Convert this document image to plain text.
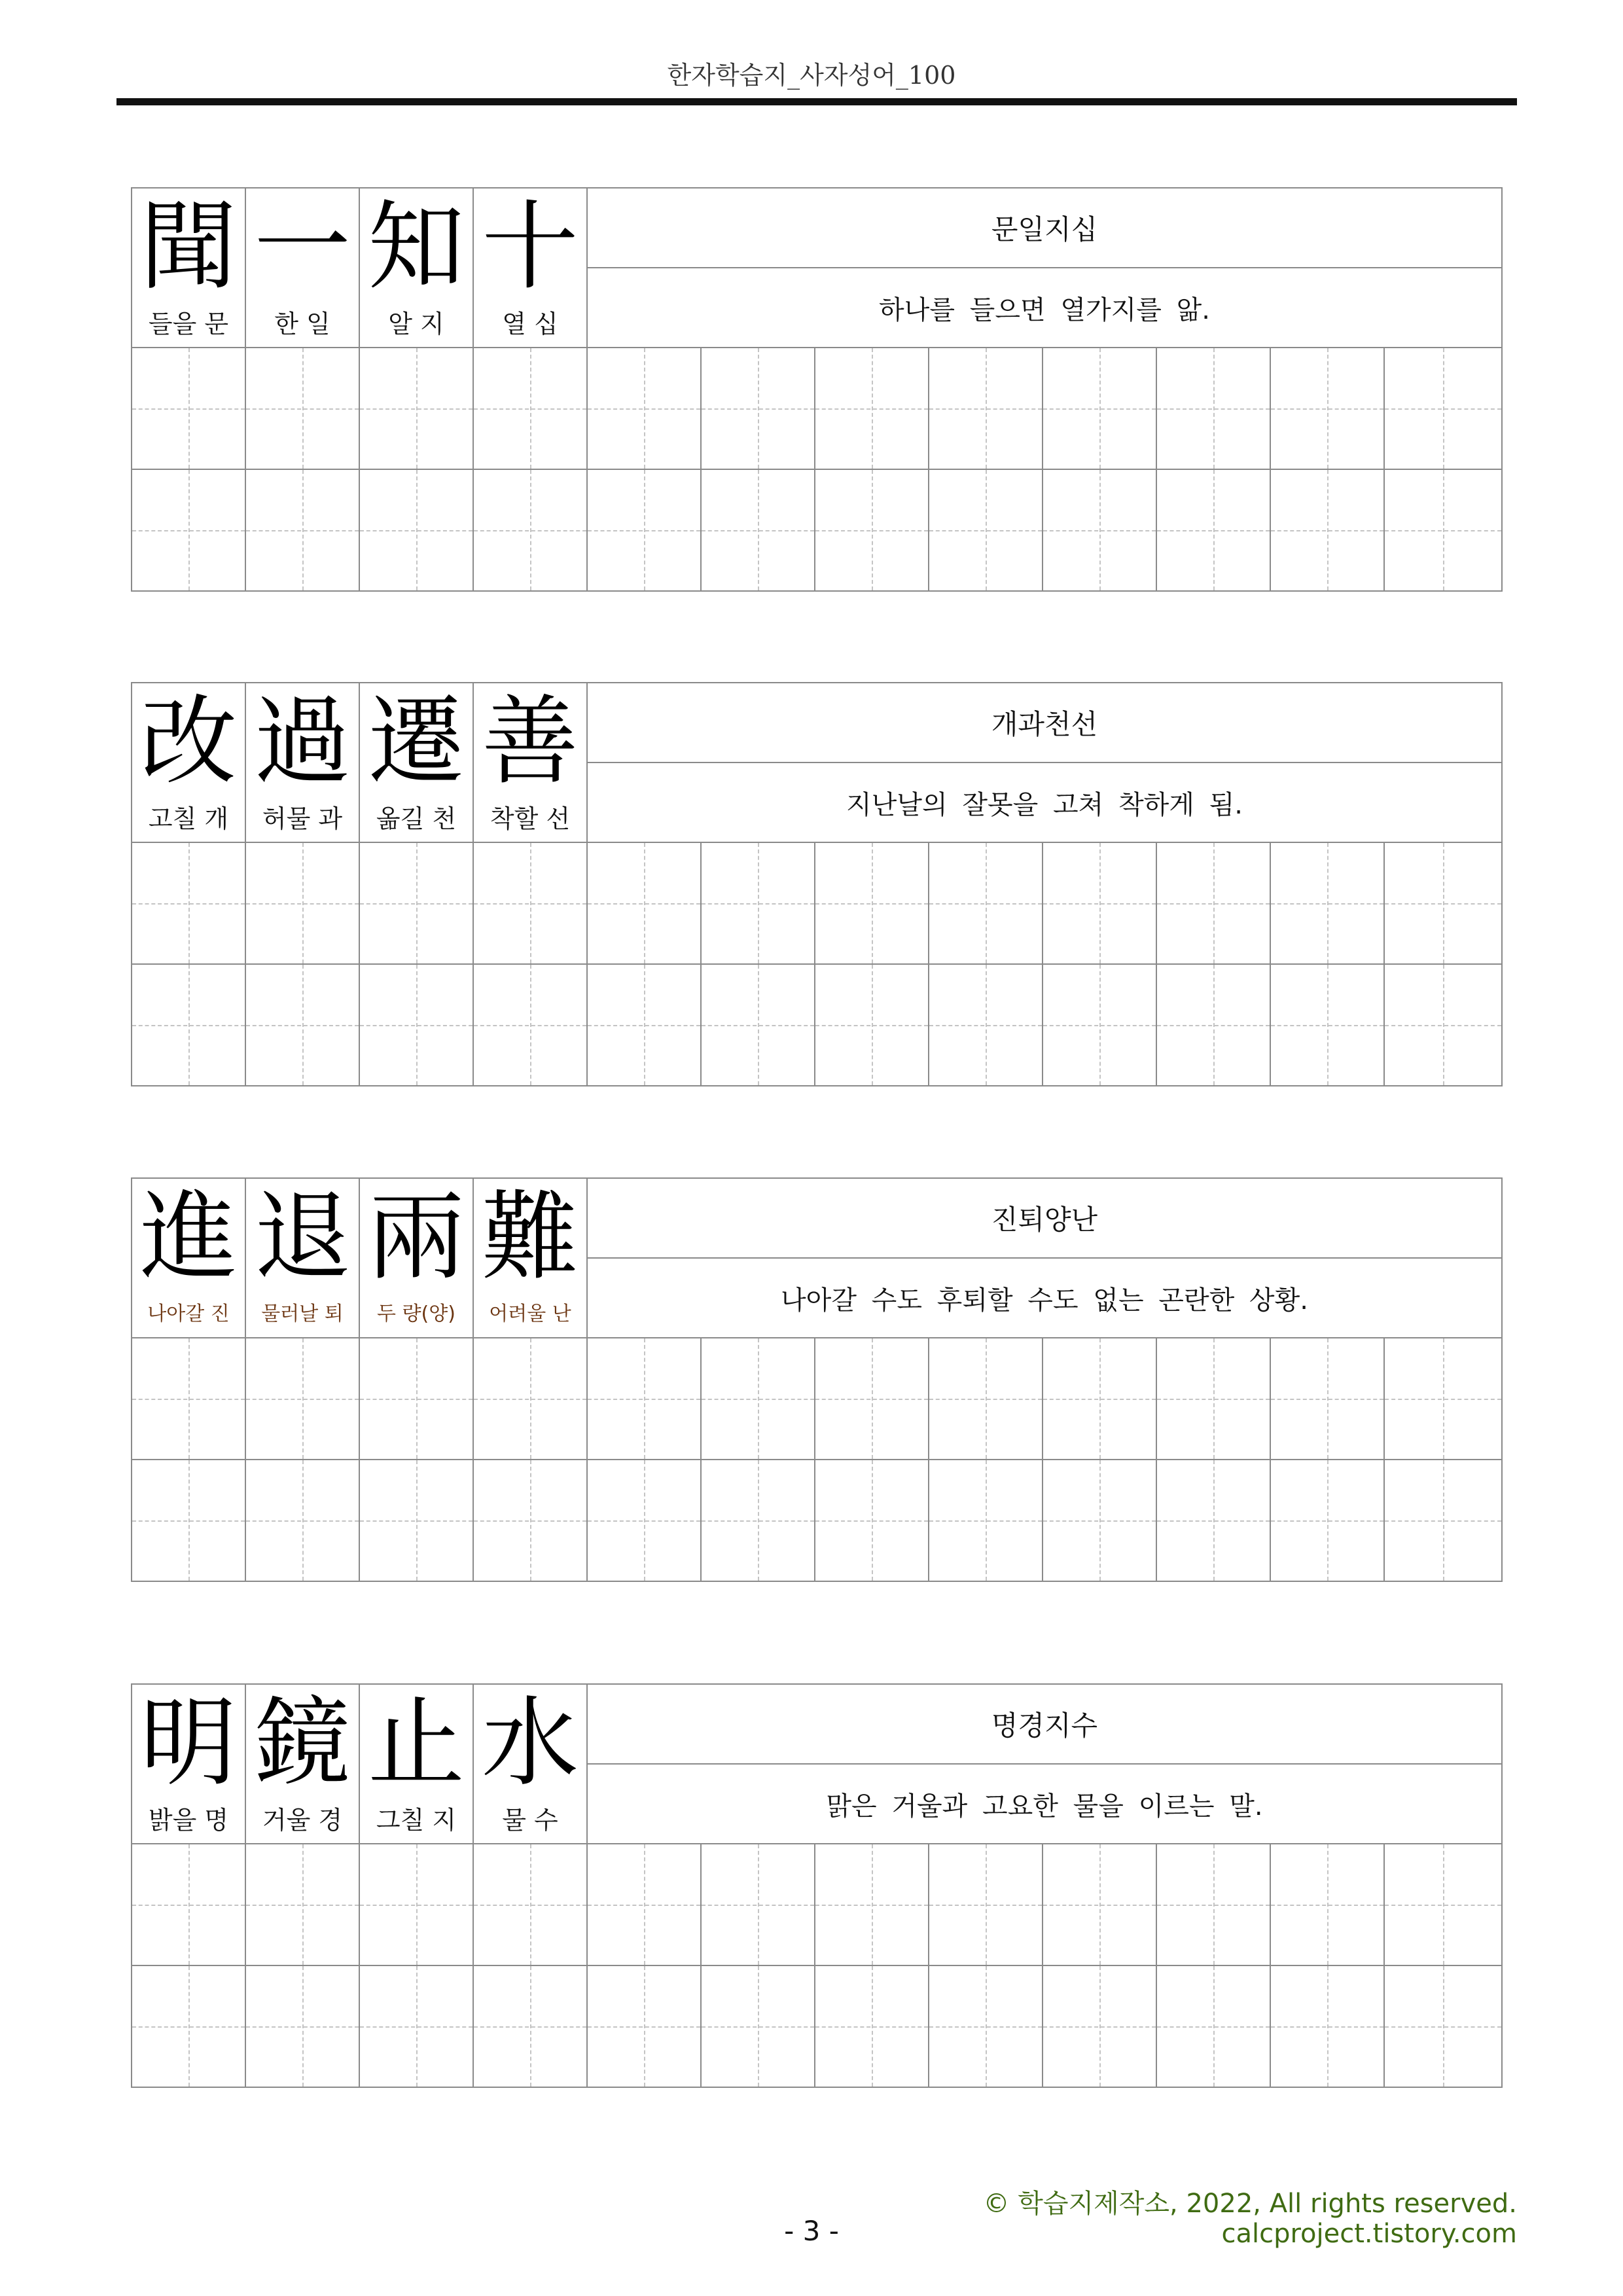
한자학습지_사자성어_100
聞
들을 문
一
한 일
知
알 지
十
열 십
문일지십
하나를 들으면 열가지를 앎.
改
고칠 개
過
허물 과
遷
옮길 천
善
착할 선
개과천선
지난날의 잘못을 고쳐 착하게 됨.
進
나아갈 진
退
물러날 퇴
兩
두 량(양)
難
어려울 난
진퇴양난
나아갈 수도 후퇴할 수도 없는 곤란한 상황.
明
밝을 명
鏡
거울 경
止
그칠 지
水
물 수
명경지수
맑은 거울과 고요한 물을 이르는 말.
© 학습지제작소, 2022, All rights reserved.
calcproject.tistory.com
- 3 -
